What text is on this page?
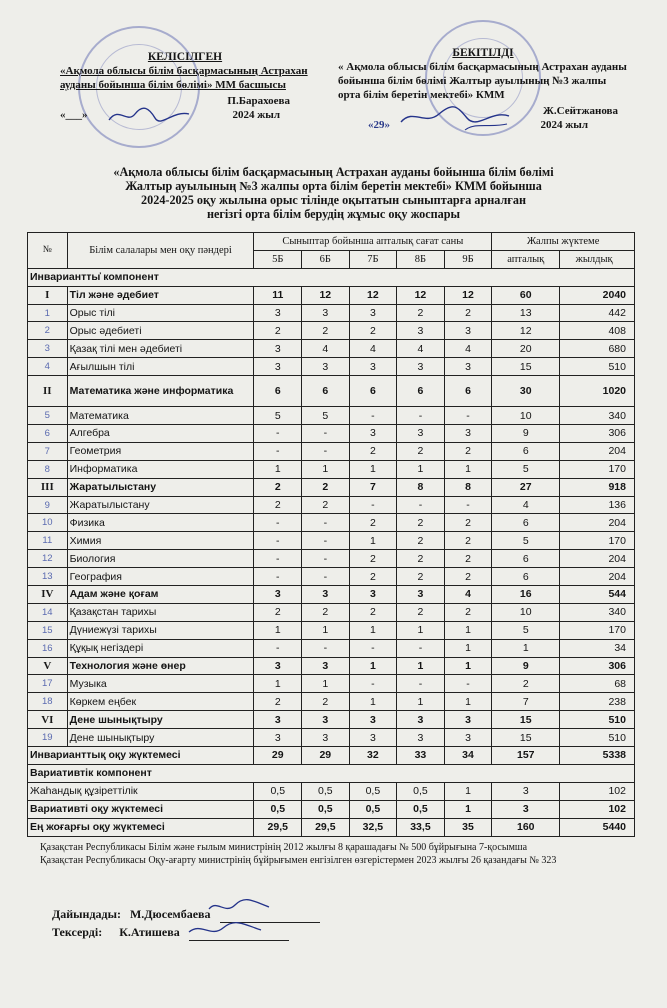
КЕЛІСІЛГЕН
«Ақмола облысы білім басқармасының Астрахан ауданы бойынша білім бөлімі» ММ басшысы
П.Барахоева
«___»	2024 жыл
БЕКІТІЛДІ
« Ақмола облысы білім басқармасының Астрахан ауданы бойынша білім бөлімі Жалтыр ауылының №3 жалпы орта білім беретін мектебі» КММ
Ж.Сейтжанова
«29»	2024 жыл
«Ақмола облысы білім басқармасының Астрахан ауданы бойынша білім бөлімі
Жалтыр ауылының №3 жалпы орта білім беретін мектебі» КММ бойынша
2024-2025 оқу жылына орыс тілінде оқытатын сыныптарға арналған
негізгі орта білім берудің жұмыс оқу жоспары
№	Білім салалары мен оқу пәндері	Сыныптар бойынша апталық сағат саны					Жалпы жүктеме	
		5Б	6Б	7Б	8Б	9Б	апталық	жылдық
Инвариантты҆ компонент								
I	Тіл және әдебиет	11	12	12	12	12	60	2040
1	Орыс тілі	3	3	3	2	2	13	442
2	Орыс әдебиеті	2	2	2	3	3	12	408
3	Қазақ тілі мен әдебиеті	3	4	4	4	4	20	680
4	Ағылшын тілі	3	3	3	3	3	15	510
II	Математика және информатика	6	6	6	6	6	30	1020
5	Математика	5	5	-	-	-	10	340
6	Алгебра	-	-	3	3	3	9	306
7	Геометрия	-	-	2	2	2	6	204
8	Информатика	1	1	1	1	1	5	170
III	Жаратылыстану	2	2	7	8	8	27	918
9	Жаратылыстану	2	2	-	-	-	4	136
10	Физика	-	-	2	2	2	6	204
11	Химия	-	-	1	2	2	5	170
12	Биология	-	-	2	2	2	6	204
13	География	-	-	2	2	2	6	204
IV	Адам және қоғам	3	3	3	3	4	16	544
14	Қазақстан тарихы	2	2	2	2	2	10	340
15	Дүниежүзі тарихы	1	1	1	1	1	5	170
16	Құқық негіздері	-	-	-	-	1	1	34
V	Технология және өнер	3	3	1	1	1	9	306
17	Музыка	1	1	-	-	-	2	68
18	Көркем еңбек	2	2	1	1	1	7	238
VI	Дене шынықтыру	3	3	3	3	3	15	510
19	Дене шынықтыру	3	3	3	3	3	15	510
Инварианттық оқу жүктемесі		29	29	32	33	34	157	5338
Вариативтік компонент								
Жаһандық құзіреттілік		0,5	0,5	0,5	0,5	1	3	102
Вариативті оқу жүктемесі		0,5	0,5	0,5	0,5	1	3	102
Ең жоғарғы оқу жүктемесі		29,5	29,5	32,5	33,5	35	160	5440
Қазақстан Республикасы Білім және ғылым министрінің 2012 жылғы 8 қарашадағы № 500 бұйрығына 7-қосымша
Қазақстан Республикасы Оқу-ағарту министрінің бұйрығымен енгізілген өзгерістермен 2023 жылғы 26 қазандағы № 323
Дайындады: М.Дюсембаева
Тексерді: К.Атишева
